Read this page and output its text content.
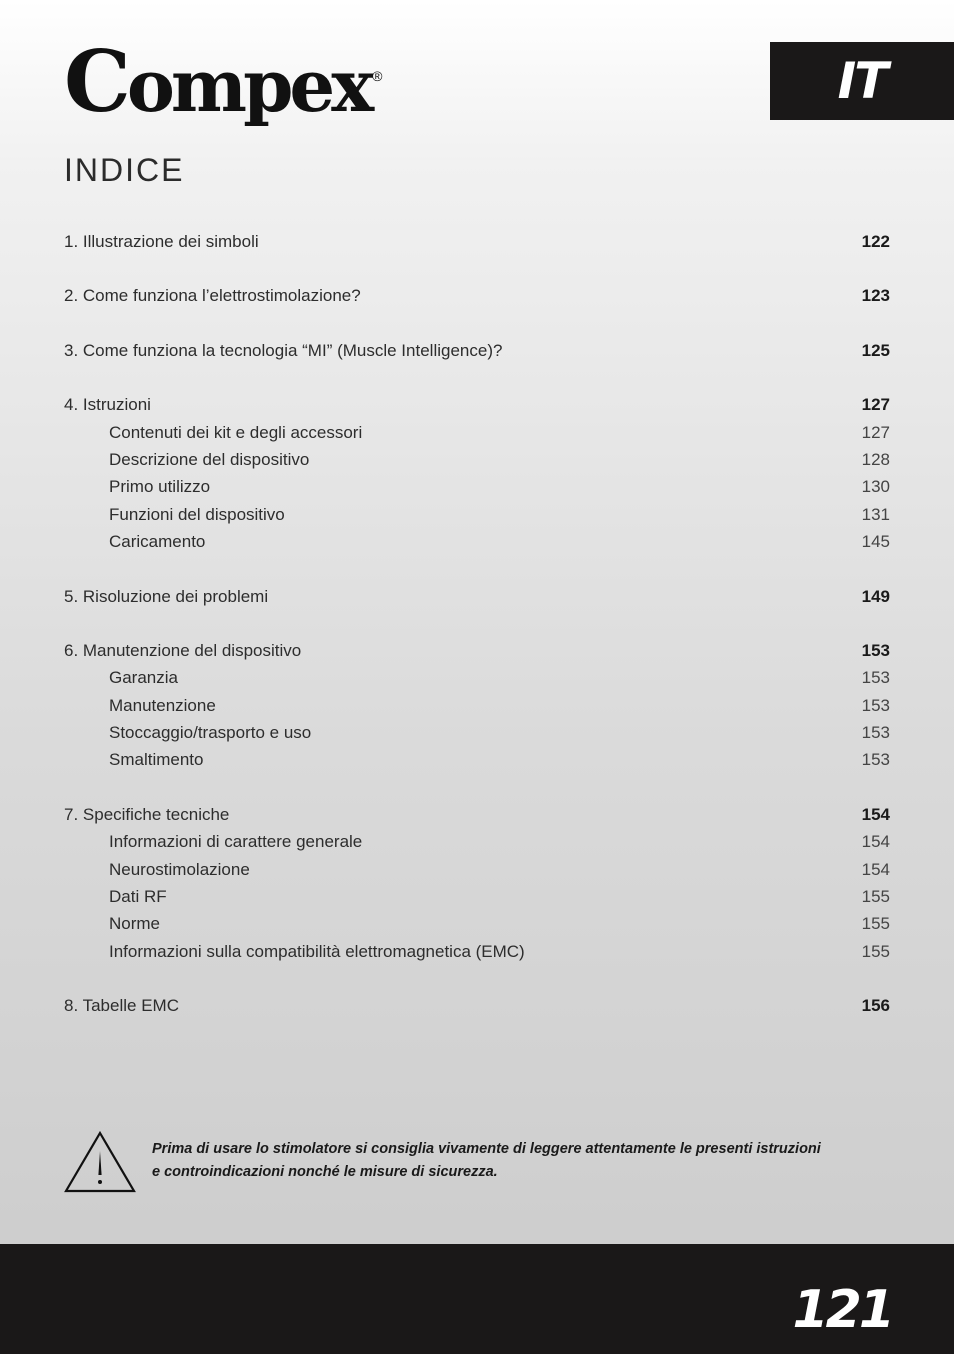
Compex ®	IT
INDICE
1. Illustrazione dei simboli	122
2. Come funziona l’elettrostimolazione?	123
3. Come funziona la tecnologia “MI” (Muscle Intelligence)?	125
4. Istruzioni	127
Contenuti dei kit e degli accessori	127
Descrizione del dispositivo	128
Primo utilizzo	130
Funzioni del dispositivo	131
Caricamento	145
5. Risoluzione dei problemi	149
6. Manutenzione del dispositivo	153
Garanzia	153
Manutenzione	153
Stoccaggio/trasporto e uso	153
Smaltimento	153
7. Specifiche tecniche	154
Informazioni di carattere generale	154
Neurostimolazione	154
Dati RF	155
Norme	155
Informazioni sulla compatibilità elettromagnetica (EMC)	155
8. Tabelle EMC	156
Prima di usare lo stimolatore si consiglia vivamente di leggere attentamente le presenti istruzioni
e controindicazioni nonché le misure di sicurezza.
121
